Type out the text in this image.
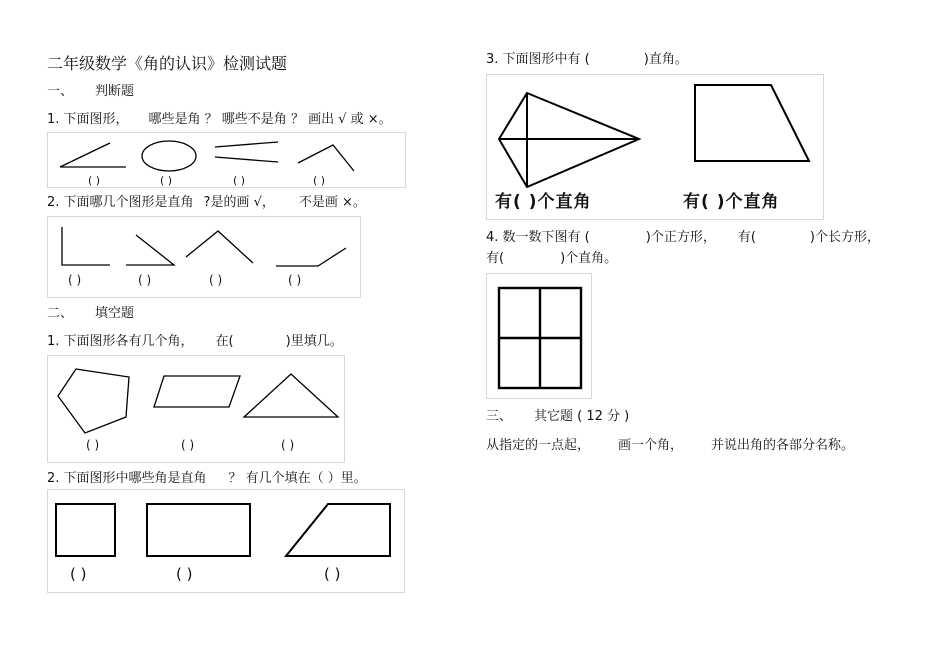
二年级数学《角的认识》检测试题
一、 判断题
1. 下面图形， 哪些是角 ？ 哪些不是角 ？ 画出 √ 或 ×。
( )	( )	( )	( )
2. 下面哪几个图形是直角 ?是的画 √， 不是画 ×。
( )	( )	( )	( )
二、 填空题
1. 下面图形各有几个角， 在(	)里填几。
( )	( )	( )
2. 下面图形中哪些角是直角 ？ 有几个填在（ ）里。
( )	( )	( )
3. 下面图形中有 (	)直角。
有( )个直角	有( )个直角
4. 数一数下图有 (	)个正方形， 有(	)个长方形，
有(	)个直角。
三、 其它题 ( 12 分 )
从指定的一点起， 画一个角， 并说出角的各部分名称。
